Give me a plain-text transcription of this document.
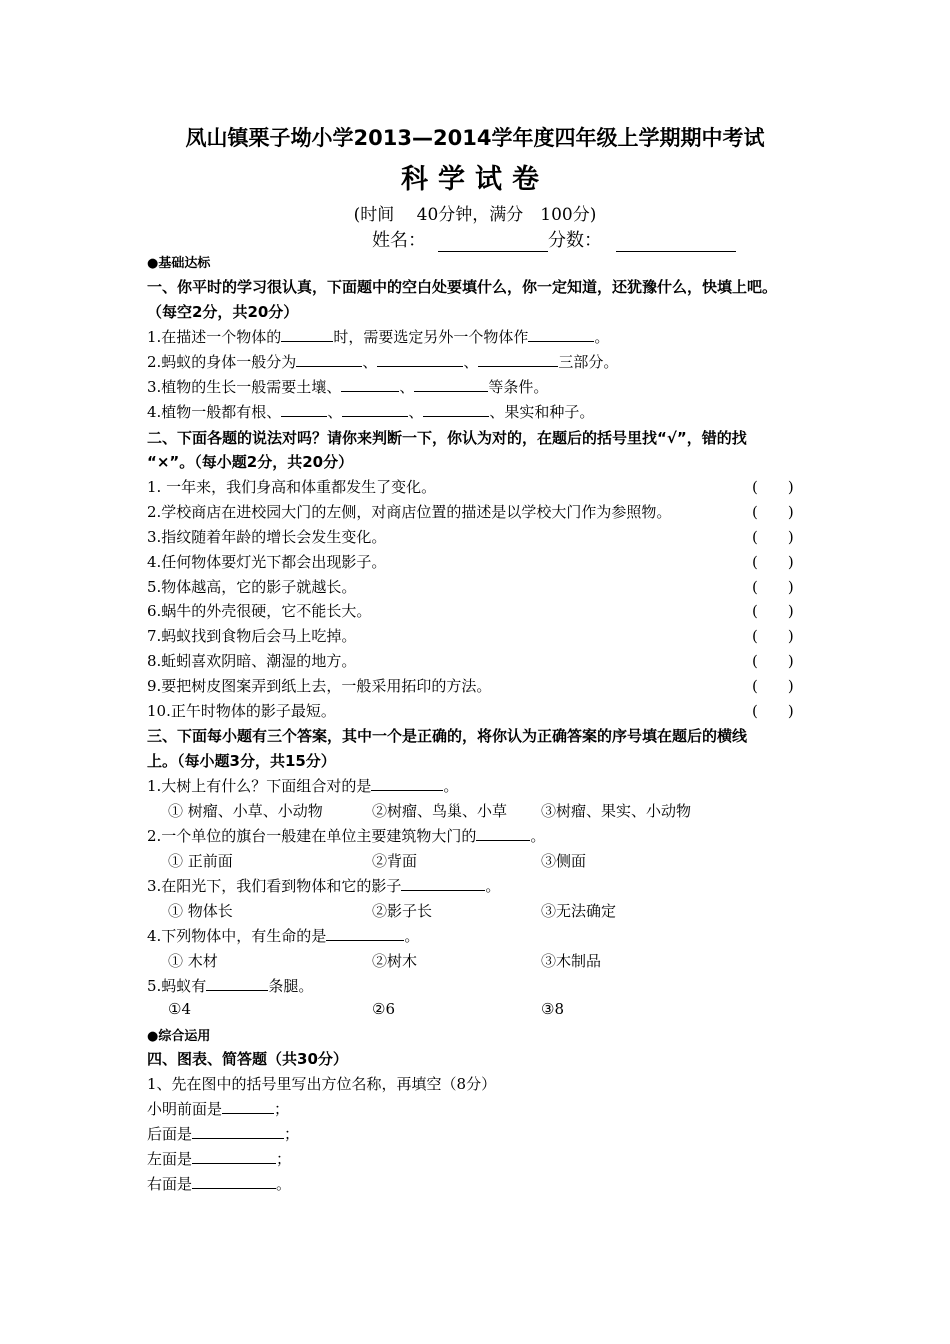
凤山镇栗子坳小学2013—2014学年度四年级上学期期中考试
科学试卷
(时间　 40分钟，满分　100分)
姓名：	分数：
●基础达标
一、你平时的学习很认真，下面题中的空白处要填什么，你一定知道，还犹豫什么，快填上吧。
（每空2分，共20分）
1.在描述一个物体的	时，需要选定另外一个物体作	。
2.蚂蚁的身体一般分为	、	、	三部分。
3.植物的生长一般需要土壤、	、	等条件。
4.植物一般都有根、	、	、	、果实和种子。
二、下面各题的说法对吗？请你来判断一下，你认为对的，在题后的括号里找“√”，错的找
“×”。（每小题2分，共20分）
1. 一年来，我们身高和体重都发生了变化。	(　　)
2.学校商店在进校园大门的左侧，对商店位置的描述是以学校大门作为参照物。	(　　)
3.指纹随着年龄的增长会发生变化。	(　　)
4.任何物体要灯光下都会出现影子。	(　　)
5.物体越高，它的影子就越长。	(　　)
6.蜗牛的外壳很硬，它不能长大。	(　　)
7.蚂蚁找到食物后会马上吃掉。	(　　)
8.蚯蚓喜欢阴暗、潮湿的地方。	(　　)
9.要把树皮图案弄到纸上去，一般采用拓印的方法。	(　　)
10.正午时物体的影子最短。	(　　)
三、下面每小题有三个答案，其中一个是正确的，将你认为正确答案的序号填在题后的横线
上。（每小题3分，共15分）
1.大树上有什么？下面组合对的是	。
① 树瘤、小草、小动物	②树瘤、鸟巢、小草 ③树瘤、果实、小动物
2.一个单位的旗台一般建在单位主要建筑物大门的	。
① 正前面	②背面	③侧面
3.在阳光下，我们看到物体和它的影子	。
① 物体长	②影子长	③无法确定
4.下列物体中，有生命的是	。
① 木材	②树木	③木制品
5.蚂蚁有	条腿。
①4	②6	③8
●综合运用
四、图表、简答题（共30分）
1、先在图中的括号里写出方位名称，再填空（8分）
小明前面是	；
后面是	；
左面是	；
右面是	。
